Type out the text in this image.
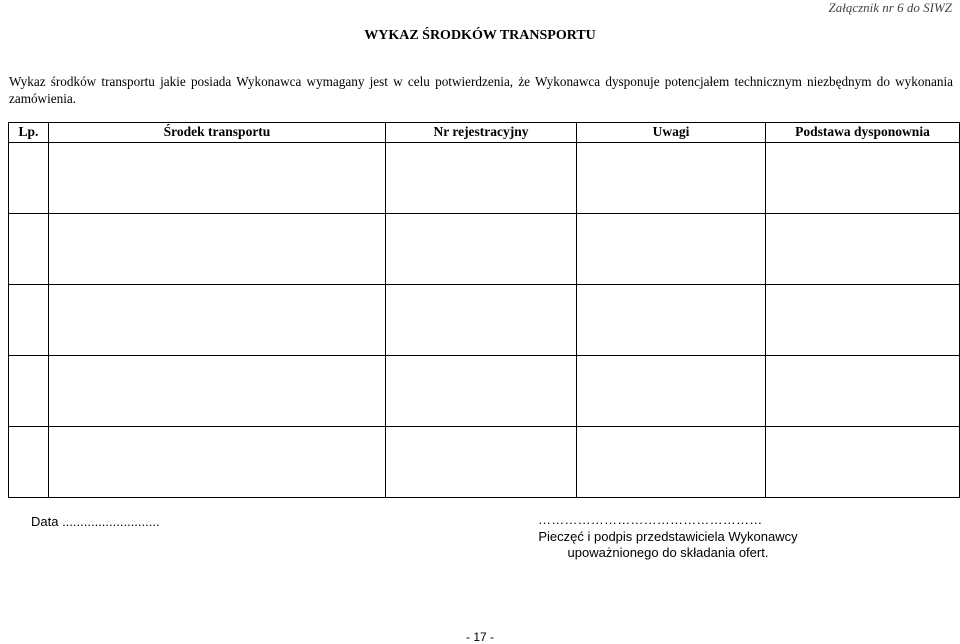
Załącznik nr 6 do SIWZ
WYKAZ ŚRODKÓW TRANSPORTU
Wykaz środków transportu jakie posiada Wykonawca wymagany jest w celu potwierdzenia, że Wykonawca dysponuje potencjałem technicznym niezbędnym do wykonania zamówienia.
Lp.	Środek transportu	Nr rejestracyjny	Uwagi	Podstawa dysponownia

Data ...........................	……………………………………………
Pieczęć i podpis przedstawiciela Wykonawcy
upoważnionego do składania ofert.
- 17 -
